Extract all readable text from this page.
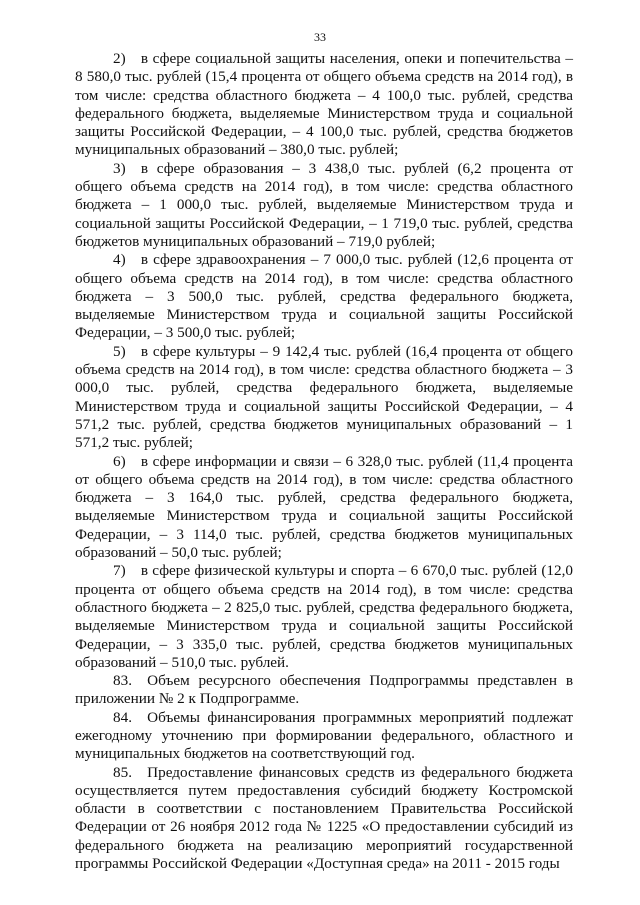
33

2) в сфере социальной защиты населения, опеки и попечительства – 8 580,0 тыс. рублей (15,4 процента от общего объема средств на 2014 год), в том числе: средства областного бюджета – 4 100,0 тыс. рублей, средства федерального бюджета, выделяемые Министерством труда и социальной защиты Российской Федерации, – 4 100,0 тыс. рублей, средства бюджетов муниципальных образований – 380,0 тыс. рублей;

3) в сфере образования – 3 438,0 тыс. рублей (6,2 процента от общего объема средств на 2014 год), в том числе: средства областного бюджета – 1 000,0 тыс. рублей, выделяемые Министерством труда и социальной защиты Российской Федерации, – 1 719,0 тыс. рублей, средства бюджетов муниципальных образований – 719,0 рублей;

4) в сфере здравоохранения – 7 000,0 тыс. рублей (12,6 процента от общего объема средств на 2014 год), в том числе: средства областного бюджета – 3 500,0 тыс. рублей, средства федерального бюджета, выделяемые Министерством труда и социальной защиты Российской Федерации, – 3 500,0 тыс. рублей;

5) в сфере культуры – 9 142,4 тыс. рублей (16,4 процента от общего объема средств на 2014 год), в том числе: средства областного бюджета – 3 000,0 тыс. рублей, средства федерального бюджета, выделяемые Министерством труда и социальной защиты Российской Федерации, – 4 571,2 тыс. рублей, средства бюджетов муниципальных образований – 1 571,2 тыс. рублей;

6) в сфере информации и связи – 6 328,0 тыс. рублей (11,4 процента от общего объема средств на 2014 год), в том числе: средства областного бюджета – 3 164,0 тыс. рублей, средства федерального бюджета, выделяемые Министерством труда и социальной защиты Российской Федерации, – 3 114,0 тыс. рублей, средства бюджетов муниципальных образований – 50,0 тыс. рублей;

7) в сфере физической культуры и спорта – 6 670,0 тыс. рублей (12,0 процента от общего объема средств на 2014 год), в том числе: средства областного бюджета – 2 825,0 тыс. рублей, средства федерального бюджета, выделяемые Министерством труда и социальной защиты Российской Федерации, – 3 335,0 тыс. рублей, средства бюджетов муниципальных образований – 510,0 тыс. рублей.

83. Объем ресурсного обеспечения Подпрограммы представлен в приложении № 2 к Подпрограмме.

84. Объемы финансирования программных мероприятий подлежат ежегодному уточнению при формировании федерального, областного и муниципальных бюджетов на соответствующий год.

85. Предоставление финансовых средств из федерального бюджета осуществляется путем предоставления субсидий бюджету Костромской области в соответствии с постановлением Правительства Российской Федерации от 26 ноября 2012 года № 1225 «О предоставлении субсидий из федерального бюджета на реализацию мероприятий государственной программы Российской Федерации «Доступная среда» на 2011 - 2015 годы
